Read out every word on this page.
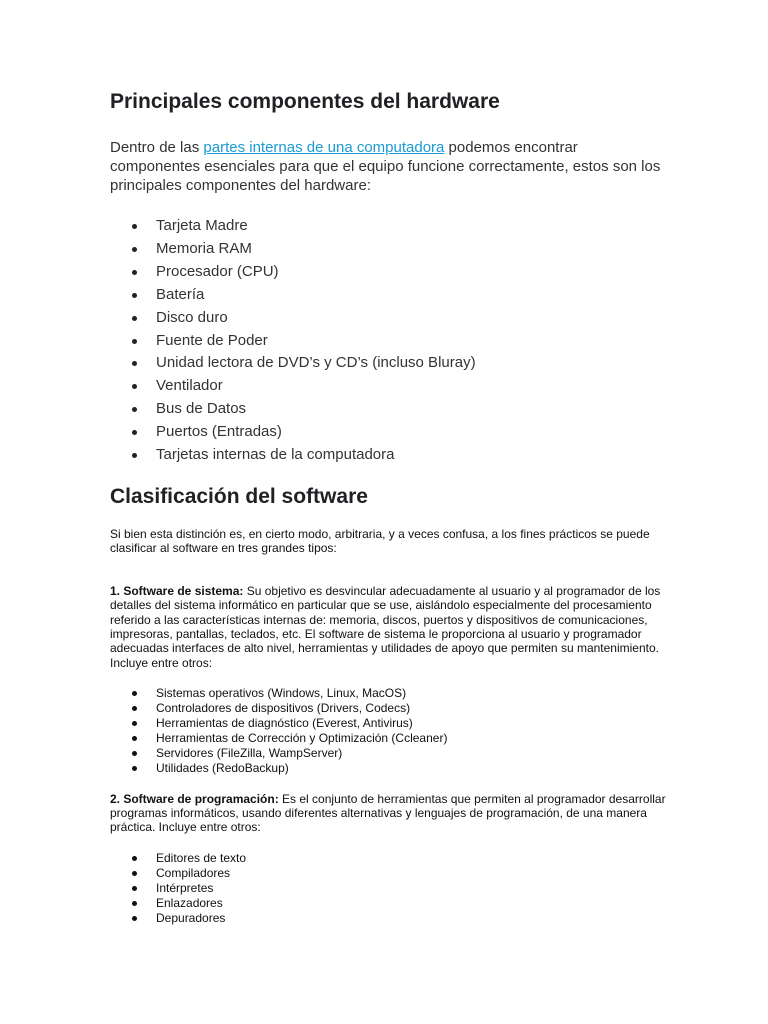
Principales componentes del hardware

Dentro de las partes internas de una computadora podemos encontrar componentes esenciales para que el equipo funcione correctamente, estos son los principales componentes del hardware:

Tarjeta Madre
Memoria RAM
Procesador (CPU)
Batería
Disco duro
Fuente de Poder
Unidad lectora de DVD’s y CD’s (incluso Bluray)
Ventilador
Bus de Datos
Puertos (Entradas)
Tarjetas internas de la computadora
Clasificación del software

Si bien esta distinción es, en cierto modo, arbitraria, y a veces confusa, a los fines prácticos se puede clasificar al software en tres grandes tipos:

1. Software de sistema: Su objetivo es desvincular adecuadamente al usuario y al programador de los detalles del sistema informático en particular que se use, aislándolo especialmente del procesamiento referido a las características internas de: memoria, discos, puertos y dispositivos de comunicaciones, impresoras, pantallas, teclados, etc. El software de sistema le proporciona al usuario y programador adecuadas interfaces de alto nivel, herramientas y utilidades de apoyo que permiten su mantenimiento. Incluye entre otros:

Sistemas operativos (Windows, Linux, MacOS)
Controladores de dispositivos (Drivers, Codecs)
Herramientas de diagnóstico (Everest, Antivirus)
Herramientas de Corrección y Optimización (Ccleaner)
Servidores (FileZilla, WampServer)
Utilidades (RedoBackup)

2. Software de programación: Es el conjunto de herramientas que permiten al programador desarrollar programas informáticos, usando diferentes alternativas y lenguajes de programación, de una manera práctica. Incluye entre otros:

Editores de texto
Compiladores
Intérpretes
Enlazadores
Depuradores
